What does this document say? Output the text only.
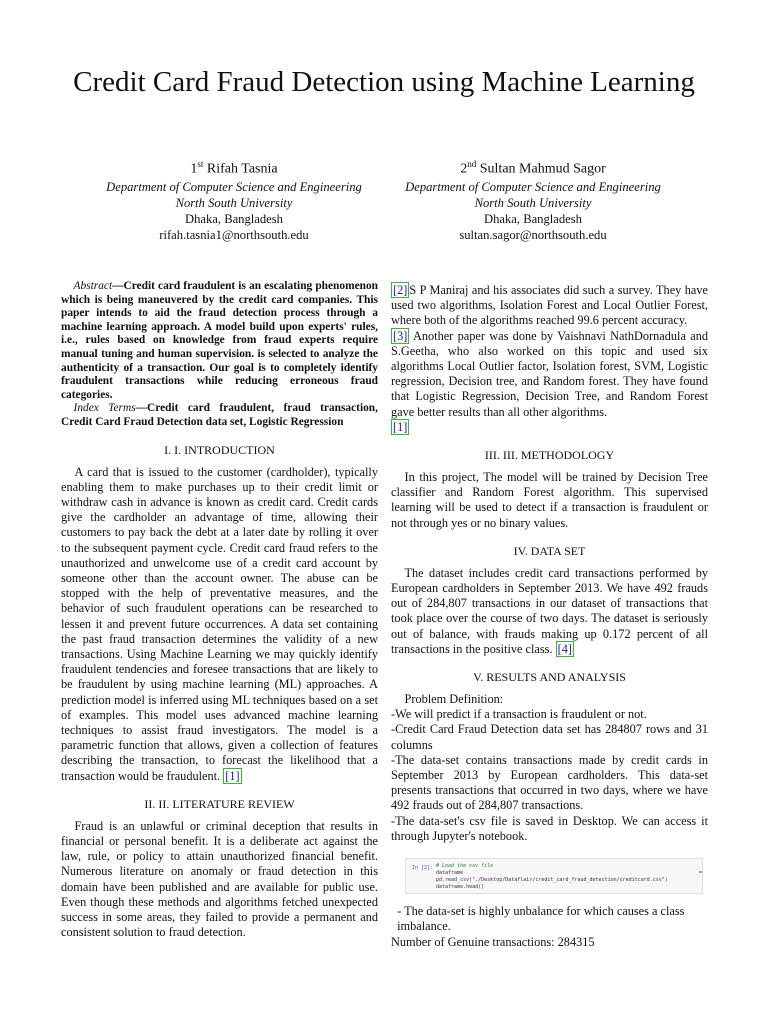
Credit Card Fraud Detection using Machine Learning
1st Rifah Tasnia
Department of Computer Science and Engineering
North South University
Dhaka, Bangladesh
rifah.tasnia1@northsouth.edu
2nd Sultan Mahmud Sagor
Department of Computer Science and Engineering
North South University
Dhaka, Bangladesh
sultan.sagor@northsouth.edu

Abstract—Credit card fraudulent is an escalating phenomenon which is being maneuvered by the credit card companies. This paper intends to aid the fraud detection process through a machine learning approach. A model build upon experts' rules, i.e., rules based on knowledge from fraud experts require manual tuning and human supervision. is selected to analyze the authenticity of a transaction. Our goal is to completely identify fraudulent transactions while reducing erroneous fraud categories.

Index Terms—Credit card fraudulent, fraud transaction, Credit Card Fraud Detection data set, Logistic Regression

I. I. INTRODUCTION

A card that is issued to the customer (cardholder), typically enabling them to make purchases up to their credit limit or withdraw cash in advance is known as credit card. Credit cards give the cardholder an advantage of time, allowing their customers to pay back the debt at a later date by rolling it over to the subsequent payment cycle. Credit card fraud refers to the unauthorized and unwelcome use of a credit card account by someone other than the account owner. The abuse can be stopped with the help of preventative measures, and the behavior of such fraudulent operations can be researched to lessen it and prevent future occurrences. A data set containing the past fraud transaction determines the validity of a new transactions. Using Machine Learning we may quickly identify fraudulent tendencies and foresee transactions that are likely to be fraudulent by using machine learning (ML) approaches. A prediction model is inferred using ML techniques based on a set of examples. This model uses advanced machine learning techniques to assist fraud investigators. The model is a parametric function that allows, given a collection of features describing the transaction, to forecast the likelihood that a transaction would be fraudulent. [1]

II. II. LITERATURE REVIEW

Fraud is an unlawful or criminal deception that results in financial or personal benefit. It is a deliberate act against the law, rule, or policy to attain unauthorized financial benefit. Numerous literature on anomaly or fraud detection in this domain have been published and are available for public use. Even though these methods and algorithms fetched unexpected success in some areas, they failed to provide a permanent and consistent solution to fraud detection.

[2] S P Maniraj and his associates did such a survey. They have used two algorithms, Isolation Forest and Local Outlier Forest, where both of the algorithms reached 99.6 percent accuracy.
[3] Another paper was done by Vaishnavi NathDornadula and S.Geetha, who also worked on this topic and used six algorithms Local Outlier factor, Isolation forest, SVM, Logistic regression, Decision tree, and Random forest. They have found that Logistic Regression, Decision Tree, and Random Forest gave better results than all other algorithms.
[1]

III. III. METHODOLOGY

In this project, The model will be trained by Decision Tree classifier and Random Forest algorithm. This supervised learning will be used to detect if a transaction is fraudulent or not through yes or no binary values.

IV. DATA SET

The dataset includes credit card transactions performed by European cardholders in September 2013. We have 492 frauds out of 284,807 transactions in our dataset of transactions that took place over the course of two days. The dataset is seriously out of balance, with frauds making up 0.172 percent of all transactions in the positive class. [4]

V. RESULTS AND ANALYSIS

Problem Definition:
-We will predict if a transaction is fraudulent or not.
-Credit Card Fraud Detection data set has 284807 rows and 31 columns
-The data-set contains transactions made by credit cards in September 2013 by European cardholders. This data-set presents transactions that occurred in two days, where we have 492 frauds out of 284,807 transactions.
-The data-set's csv file is saved in Desktop. We can access it through Jupyter's notebook.

In [2]: # Load the csv file
dataframe = pd.read_csv("./Desktop/Dataflair/credit_card_fraud_detection/creditcard.csv")
dataframe.head()

- The data-set is highly unbalance for which causes a class imbalance.
Number of Genuine transactions: 284315
